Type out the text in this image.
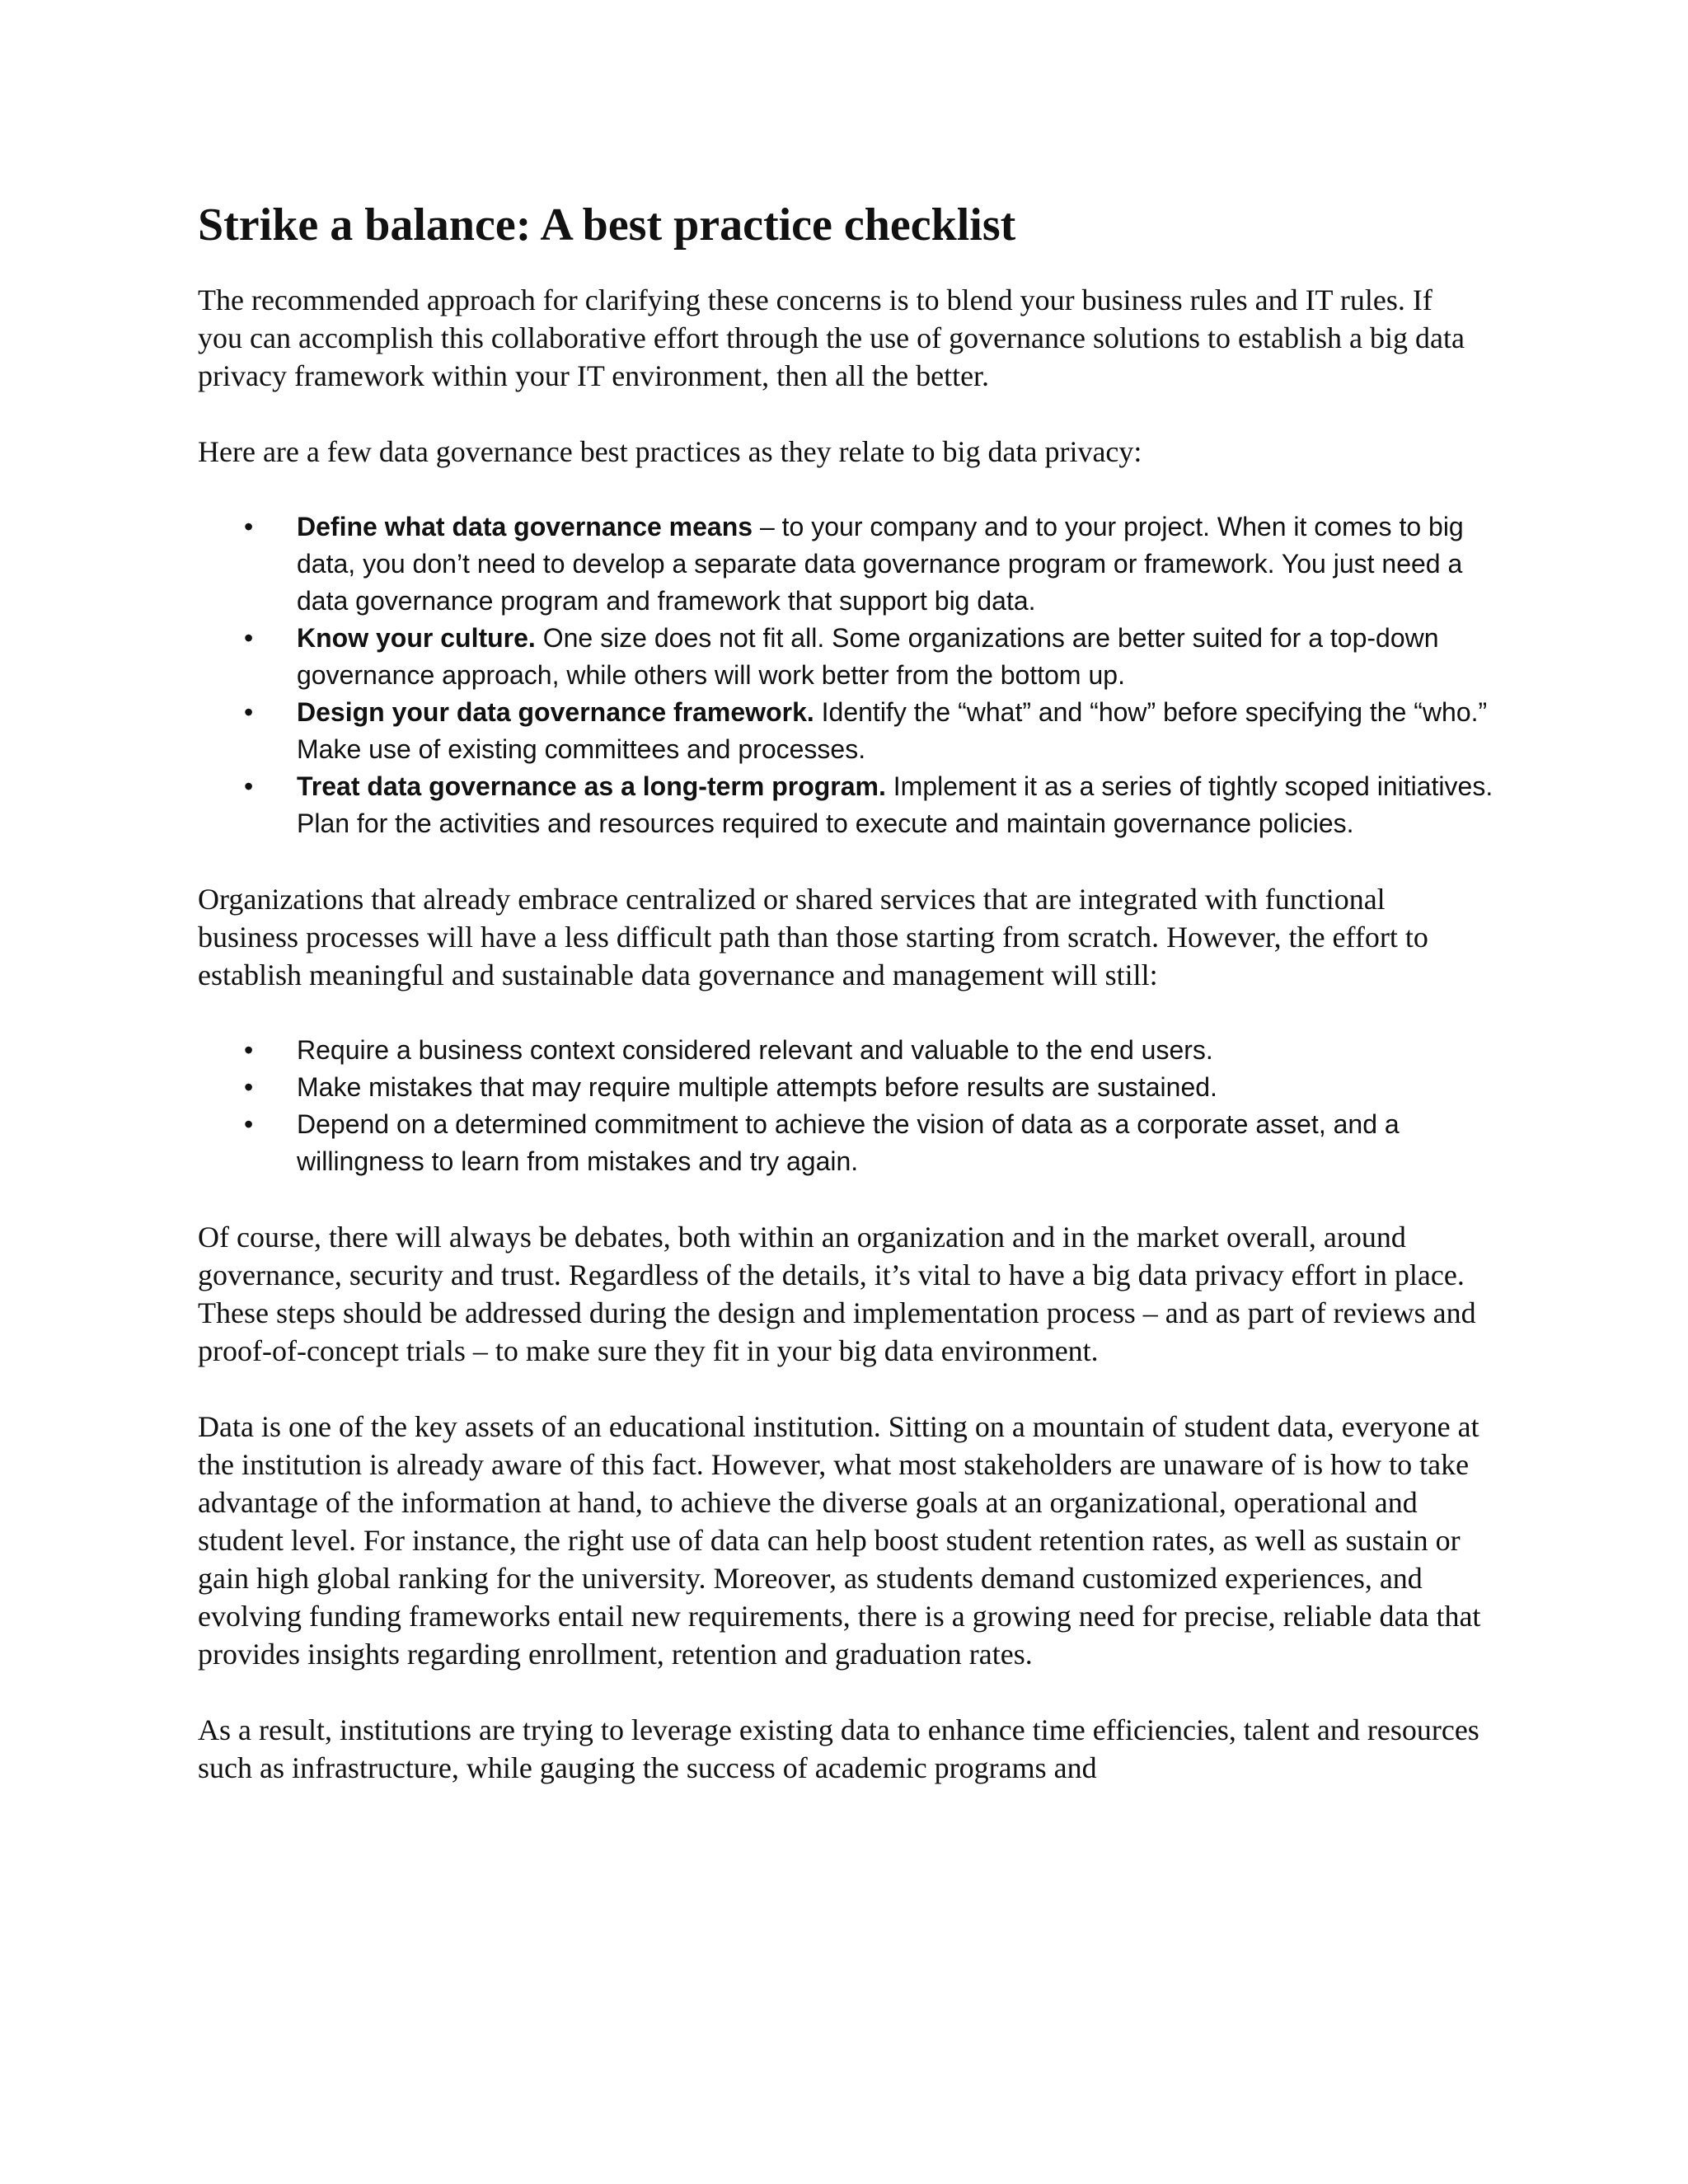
Strike a balance: A best practice checklist

The recommended approach for clarifying these concerns is to blend your business rules and IT rules. If you can accomplish this collaborative effort through the use of governance solutions to establish a big data privacy framework within your IT environment, then all the better.

Here are a few data governance best practices as they relate to big data privacy:

• Define what data governance means – to your company and to your project. When it comes to big data, you don’t need to develop a separate data governance program or framework. You just need a data governance program and framework that support big data.
• Know your culture. One size does not fit all. Some organizations are better suited for a top-down governance approach, while others will work better from the bottom up.
• Design your data governance framework. Identify the “what” and “how” before specifying the “who.” Make use of existing committees and processes.
• Treat data governance as a long-term program. Implement it as a series of tightly scoped initiatives. Plan for the activities and resources required to execute and maintain governance policies.

Organizations that already embrace centralized or shared services that are integrated with functional business processes will have a less difficult path than those starting from scratch. However, the effort to establish meaningful and sustainable data governance and management will still:

• Require a business context considered relevant and valuable to the end users.
• Make mistakes that may require multiple attempts before results are sustained.
• Depend on a determined commitment to achieve the vision of data as a corporate asset, and a willingness to learn from mistakes and try again.

Of course, there will always be debates, both within an organization and in the market overall, around governance, security and trust. Regardless of the details, it’s vital to have a big data privacy effort in place. These steps should be addressed during the design and implementation process – and as part of reviews and proof-of-concept trials – to make sure they fit in your big data environment.

Data is one of the key assets of an educational institution. Sitting on a mountain of student data, everyone at the institution is already aware of this fact. However, what most stakeholders are unaware of is how to take advantage of the information at hand, to achieve the diverse goals at an organizational, operational and student level. For instance, the right use of data can help boost student retention rates, as well as sustain or gain high global ranking for the university. Moreover, as students demand customized experiences, and evolving funding frameworks entail new requirements, there is a growing need for precise, reliable data that provides insights regarding enrollment, retention and graduation rates.

As a result, institutions are trying to leverage existing data to enhance time efficiencies, talent and resources such as infrastructure, while gauging the success of academic programs and
